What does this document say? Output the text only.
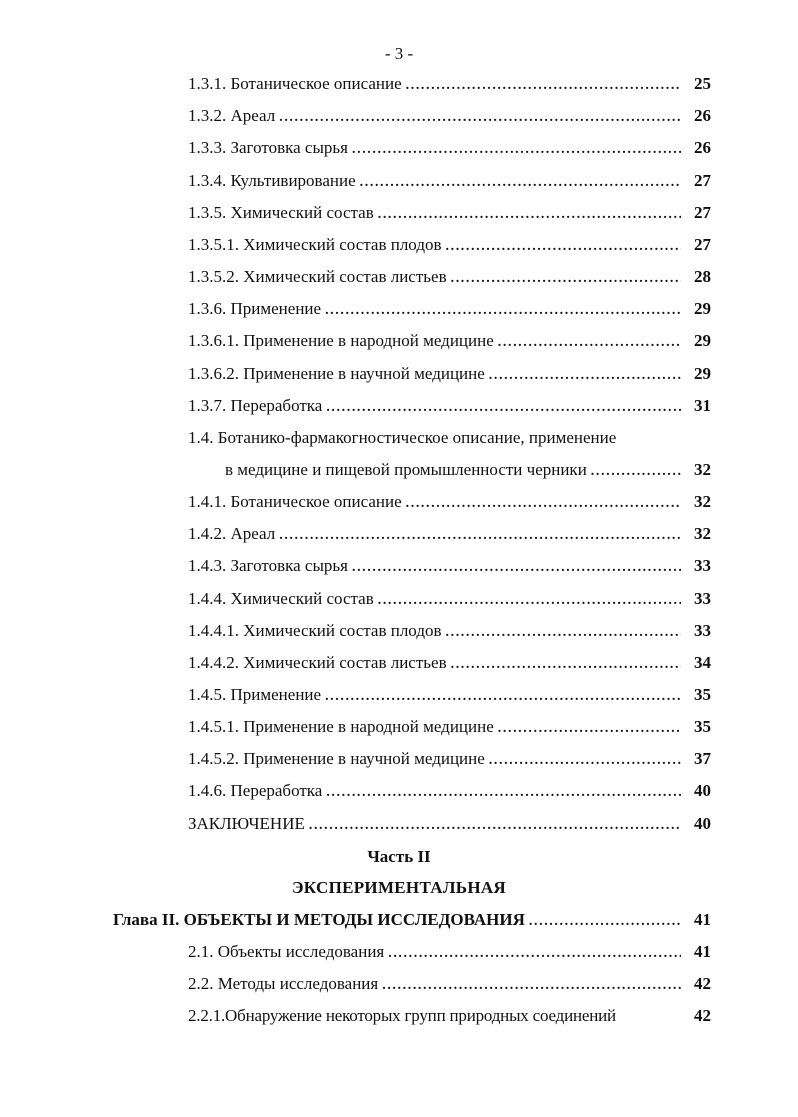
- 3 -
1.3.1. Ботаническое описание .....	25
1.3.2. Ареал .....	26
1.3.3. Заготовка сырья .....	26
1.3.4. Культивирование .....	27
1.3.5. Химический состав .....	27
1.3.5.1. Химический состав плодов .....	27
1.3.5.2. Химический состав листьев .....	28
1.3.6. Применение .....	29
1.3.6.1. Применение в народной медицине .....	29
1.3.6.2. Применение в научной медицине .....	29
1.3.7. Переработка .....	31
1.4. Ботанико-фармакогностическое описание, применение
в медицине и пищевой промышленности черники .....	32
1.4.1. Ботаническое описание .....	32
1.4.2. Ареал .....	32
1.4.3. Заготовка сырья .....	33
1.4.4. Химический состав .....	33
1.4.4.1. Химический состав плодов .....	33
1.4.4.2. Химический состав листьев .....	34
1.4.5. Применение .....	35
1.4.5.1. Применение в народной медицине .....	35
1.4.5.2. Применение в научной медицине .....	37
1.4.6. Переработка .....	40
ЗАКЛЮЧЕНИЕ .....	40
Часть II
ЭКСПЕРИМЕНТАЛЬНАЯ
Глава II. ОБЪЕКТЫ И МЕТОДЫ ИССЛЕДОВАНИЯ .....	41
2.1. Объекты исследования .....	41
2.2. Методы исследования .....	42
2.2.1.Обнаружение некоторых групп природных соединений	42
